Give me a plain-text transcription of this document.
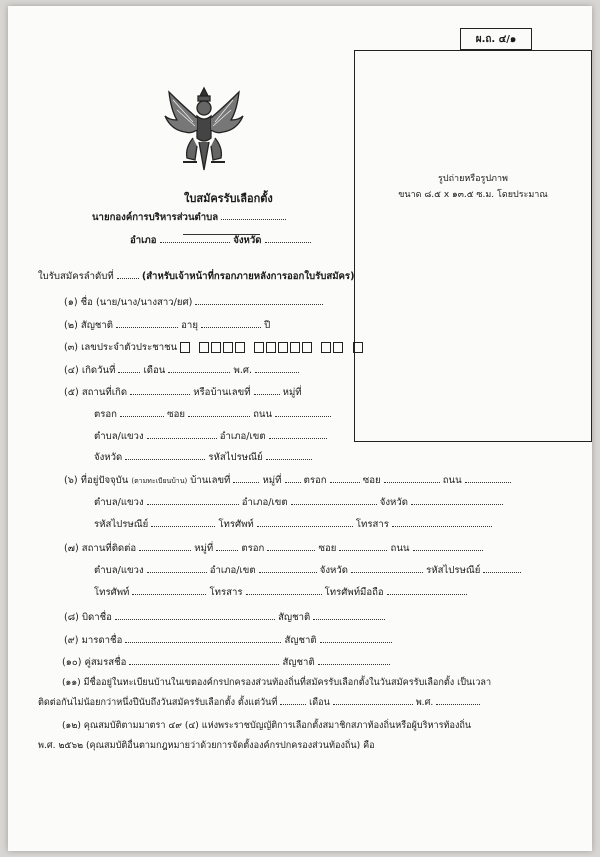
ผ.ถ. ๔/๑
รูปถ่ายหรือรูปภาพ
ขนาด ๘.๕ x ๑๓.๕ ซ.ม. โดยประมาณ
ใบสมัครรับเลือกตั้ง
นายกองค์การบริหารส่วนตำบล
อำเภอ	จังหวัด
ใบรับสมัครลำดับที่	(สำหรับเจ้าหน้าที่กรอกภายหลังการออกใบรับสมัคร)
(๑) ชื่อ (นาย/นาง/นางสาว/ยศ)
(๒) สัญชาติ	อายุ	ปี
(๓) เลขประจำตัวประชาชน
(๔) เกิดวันที่	เดือน	พ.ศ.
(๕) สถานที่เกิด	หรือบ้านเลขที่	หมู่ที่
ตรอก	ซอย	ถนน
ตำบล/แขวง	อำเภอ/เขต
จังหวัด	รหัสไปรษณีย์
(๖) ที่อยู่ปัจจุบัน (ตามทะเบียนบ้าน) บ้านเลขที่	หมู่ที่ ตรอก	ซอย	ถนน
ตำบล/แขวง	อำเภอ/เขต	จังหวัด
รหัสไปรษณีย์	โทรศัพท์	โทรสาร
(๗) สถานที่ติดต่อ	หมู่ที่	ตรอก	ซอย	ถนน
ตำบล/แขวง	อำเภอ/เขต	จังหวัด	รหัสไปรษณีย์
โทรศัพท์	โทรสาร	โทรศัพท์มือถือ
(๘) บิดาชื่อ	สัญชาติ
(๙) มารดาชื่อ	สัญชาติ
(๑๐) คู่สมรสชื่อ	สัญชาติ
(๑๑) มีชื่ออยู่ในทะเบียนบ้านในเขตองค์กรปกครองส่วนท้องถิ่นที่สมัครรับเลือกตั้งในวันสมัครรับเลือกตั้ง เป็นเวลา
ติดต่อกันไม่น้อยกว่าหนึ่งปีนับถึงวันสมัครรับเลือกตั้ง ตั้งแต่วันที่	เดือน	พ.ศ.
(๑๒) คุณสมบัติตามมาตรา ๔๙ (๔) แห่งพระราชบัญญัติการเลือกตั้งสมาชิกสภาท้องถิ่นหรือผู้บริหารท้องถิ่น
พ.ศ. ๒๕๖๒ (คุณสมบัติอื่นตามกฎหมายว่าด้วยการจัดตั้งองค์กรปกครองส่วนท้องถิ่น) คือ
